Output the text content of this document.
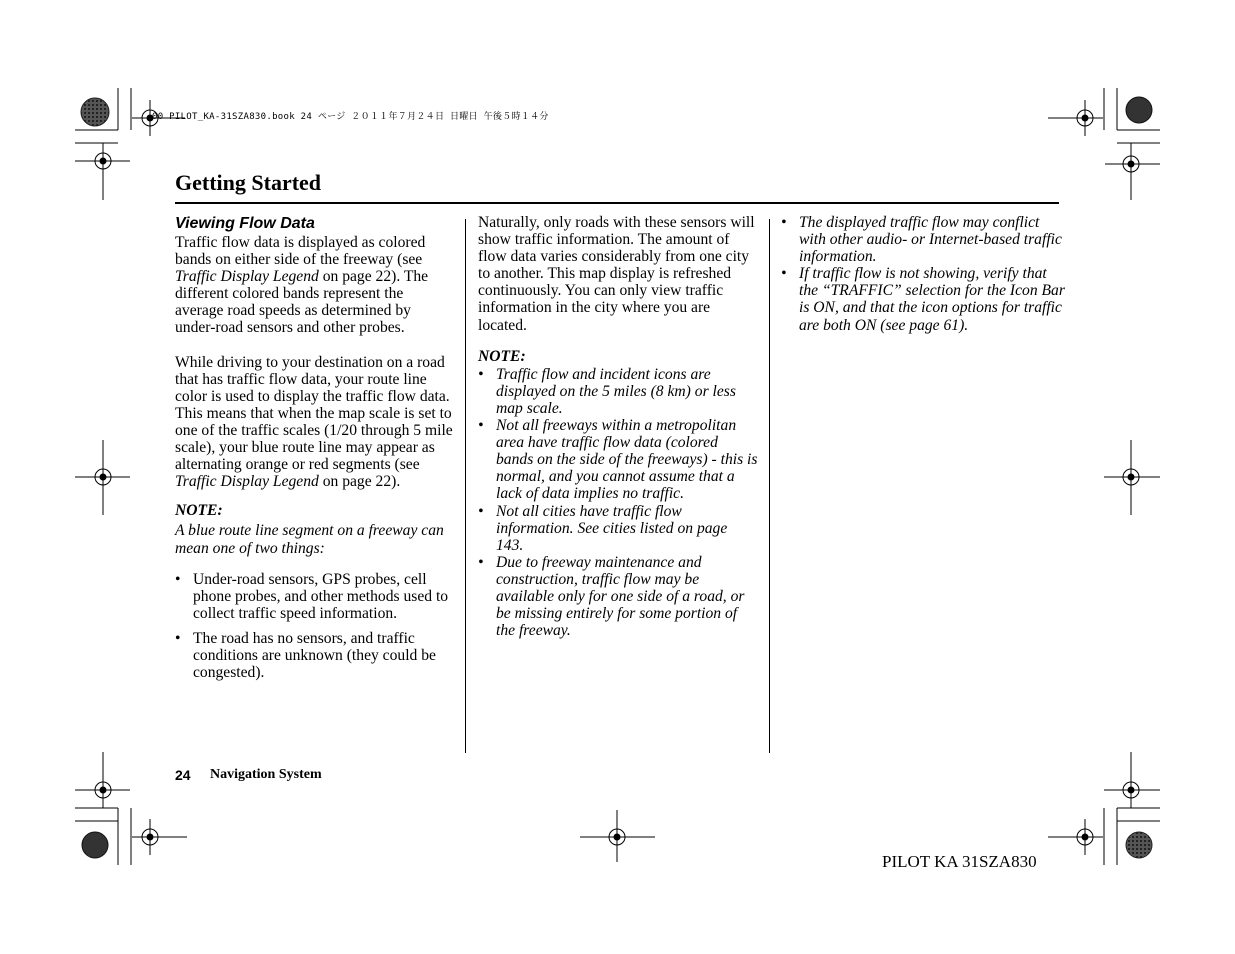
00 PILOT_KA-31SZA830.book 24 ページ ２０１１年７月２４日 日曜日 午後５時１４分
Getting Started

Viewing Flow Data

Traffic flow data is displayed as colored bands on either side of the freeway (see Traffic Display Legend on page 22). The different colored bands represent the average road speeds as determined by under-road sensors and other probes.

While driving to your destination on a road that has traffic flow data, your route line color is used to display the traffic flow data. This means that when the map scale is set to one of the traffic scales (1/20 through 5 mile scale), your blue route line may appear as alternating orange or red segments (see Traffic Display Legend on page 22).

NOTE:

A blue route line segment on a freeway can mean one of two things:

• Under-road sensors, GPS probes, cell phone probes, and other methods used to collect traffic speed information.
• The road has no sensors, and traffic conditions are unknown (they could be congested).

Naturally, only roads with these sensors will show traffic information. The amount of flow data varies considerably from one city to another. This map display is refreshed continuously. You can only view traffic information in the city where you are located.

NOTE:

• Traffic flow and incident icons are displayed on the 5 miles (8 km) or less map scale.
• Not all freeways within a metropolitan area have traffic flow data (colored bands on the side of the freeways) - this is normal, and you cannot assume that a lack of data implies no traffic.
• Not all cities have traffic flow information. See cities listed on page 143.
• Due to freeway maintenance and construction, traffic flow may be available only for one side of a road, or be missing entirely for some portion of the freeway.
• The displayed traffic flow may conflict with other audio- or Internet-based traffic information.
• If traffic flow is not showing, verify that the “TRAFFIC” selection for the Icon Bar is ON, and that the icon options for traffic are both ON (see page 61).
24 Navigation System
PILOT KA 31SZA830
